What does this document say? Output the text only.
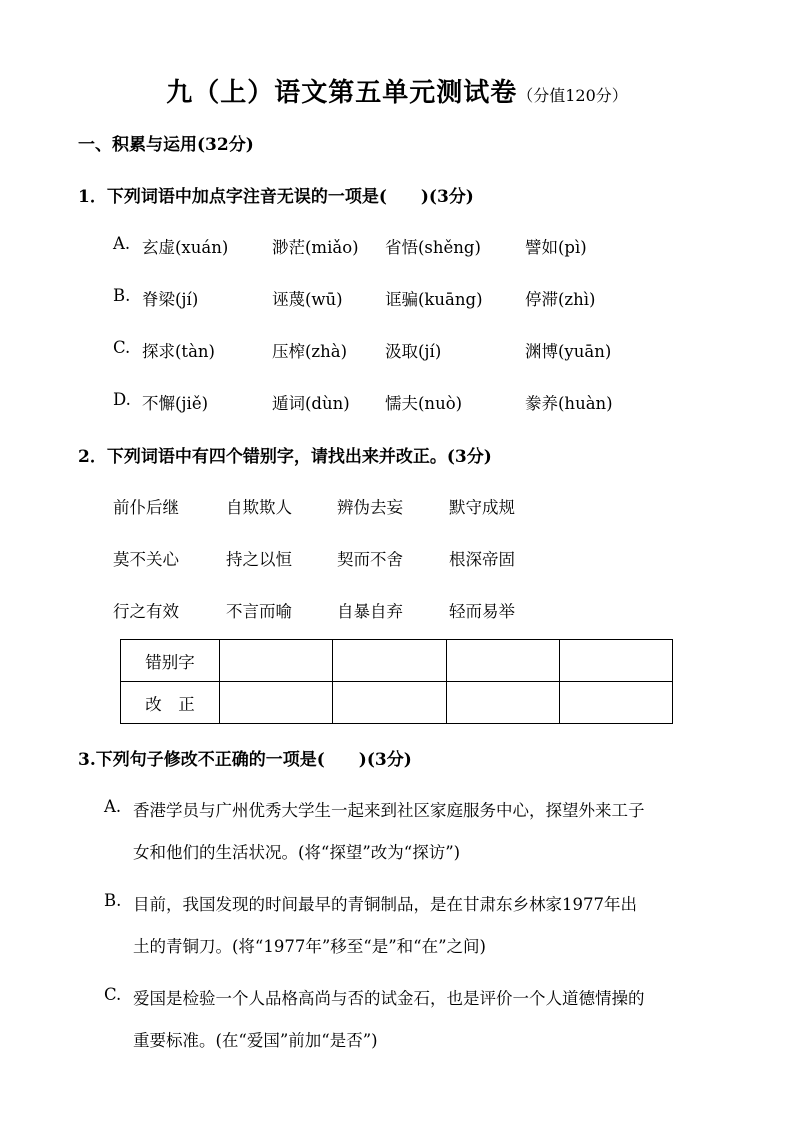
九（上）语文第五单元测试卷（分值120分）
一、积累与运用(32分)
1．下列词语中加点字注音无误的一项是(　　)(3分)
A. 玄虚(xuán)	渺茫(miǎo) 省悟(shěng)	譬如(pì)
B. 脊梁(jí)	诬蔑(wū)	诓骗(kuāng)	停滞(zhì)
C. 探求(tàn)	压榨(zhà) 汲取(jí)	渊博(yuān)
D. 不懈(jiě)	遁词(dùn) 懦夫(nuò)	豢养(huàn)
2．下列词语中有四个错别字，请找出来并改正。(3分)
前仆后继	自欺欺人	辨伪去妄	默守成规
莫不关心	持之以恒	契而不舍	根深帝固
行之有效	不言而喻	自暴自弃	轻而易举
错别字				
改　正				
3.下列句子修改不正确的一项是(　　)(3分)
A. 香港学员与广州优秀大学生一起来到社区家庭服务中心，探望外来工子
女和他们的生活状况。(将“探望”改为“探访”)
B. 目前，我国发现的时间最早的青铜制品，是在甘肃东乡林家1977年出
土的青铜刀。(将“1977年”移至“是”和“在”之间)
C. 爱国是检验一个人品格高尚与否的试金石，也是评价一个人道德情操的
重要标准。(在“爱国”前加“是否”)
